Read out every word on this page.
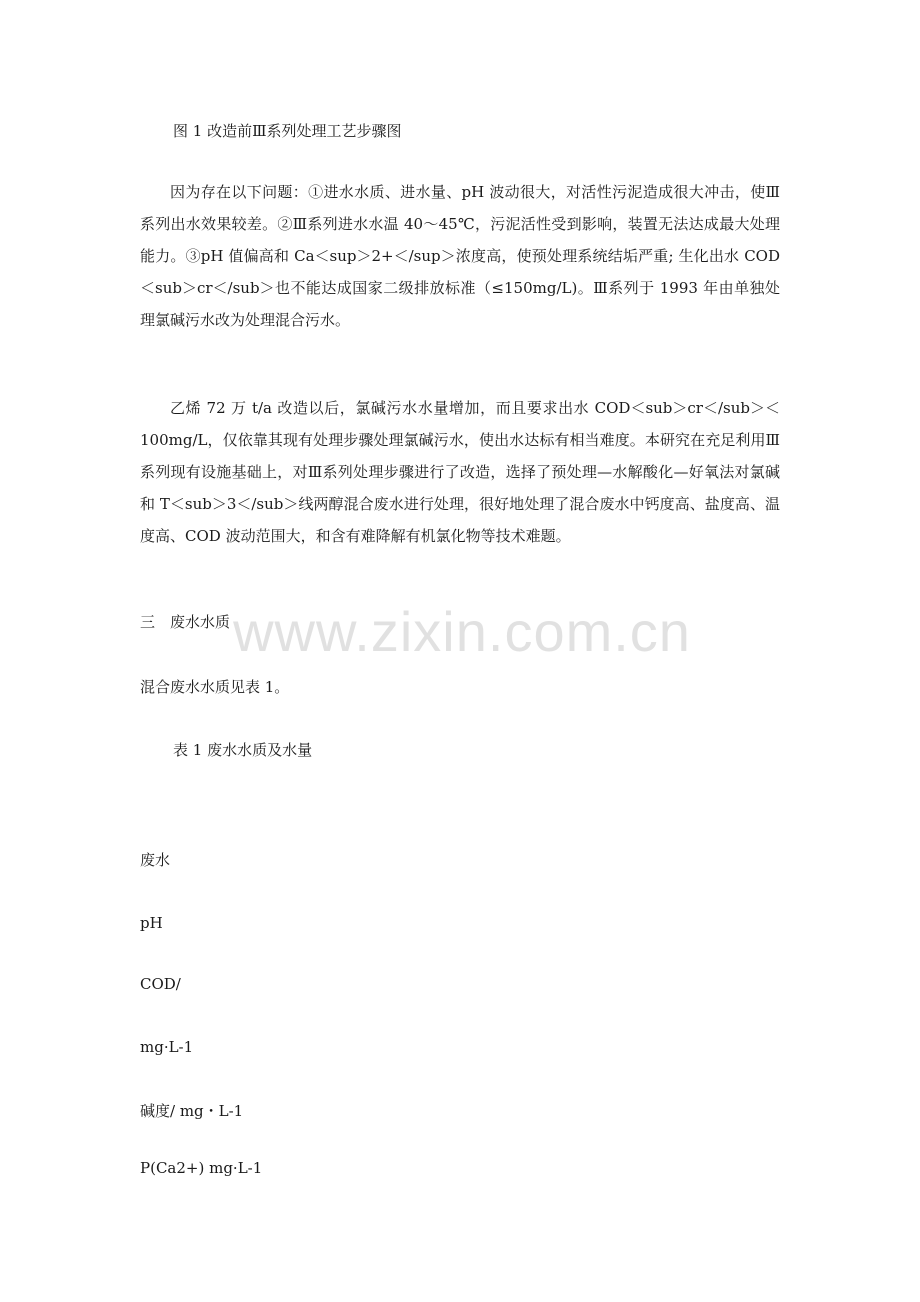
图 1 改造前Ⅲ系列处理工艺步骤图
因为存在以下问题：①进水水质、进水量、pH 波动很大，对活性污泥造成很大冲击，使Ⅲ系列出水效果较差。②Ⅲ系列进水水温 40～45℃，污泥活性受到影响，装置无法达成最大处理能力。③pH 值偏高和 Ca＜sup＞2+＜/sup＞浓度高，使预处理系统结垢严重; 生化出水 COD＜sub＞cr＜/sub＞也不能达成国家二级排放标准（≤150mg/L)。Ⅲ系列于 1993 年由单独处理氯碱污水改为处理混合污水。
乙烯 72 万 t/a 改造以后，氯碱污水水量增加，而且要求出水 COD＜sub＞cr＜/sub＞＜100mg/L，仅依靠其现有处理步骤处理氯碱污水，使出水达标有相当难度。本研究在充足利用Ⅲ系列现有设施基础上，对Ⅲ系列处理步骤进行了改造，选择了预处理—水解酸化—好氧法对氯碱和 T＜sub＞3＜/sub＞线两醇混合废水进行处理，很好地处理了混合废水中钙度高、盐度高、温度高、COD 波动范围大，和含有难降解有机氯化物等技术难题。
三　废水水质
混合废水水质见表 1。
表 1 废水水质及水量
废水
pH
COD/
mg·L-1
碱度/ mg・L-1
P(Ca2+) mg·L-1
www.zixin.com.cn
